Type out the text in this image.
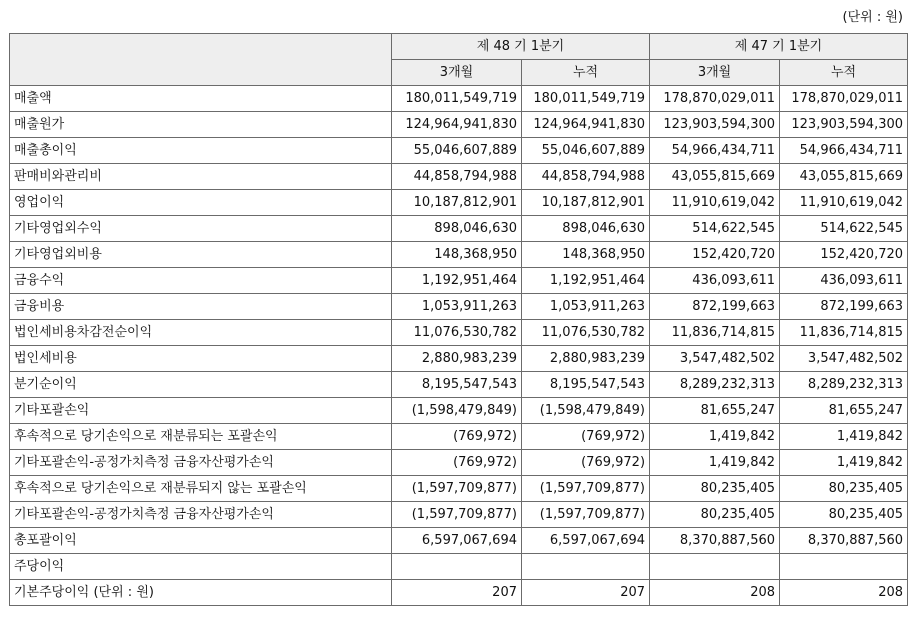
(단위 : 원)
	제 48 기 1분기		제 47 기 1분기	
	3개월	누적	3개월	누적
매출액	180,011,549,719	180,011,549,719	178,870,029,011	178,870,029,011
매출원가	124,964,941,830	124,964,941,830	123,903,594,300	123,903,594,300
매출총이익	55,046,607,889	55,046,607,889	54,966,434,711	54,966,434,711
판매비와관리비	44,858,794,988	44,858,794,988	43,055,815,669	43,055,815,669
영업이익	10,187,812,901	10,187,812,901	11,910,619,042	11,910,619,042
기타영업외수익	898,046,630	898,046,630	514,622,545	514,622,545
기타영업외비용	148,368,950	148,368,950	152,420,720	152,420,720
금융수익	1,192,951,464	1,192,951,464	436,093,611	436,093,611
금융비용	1,053,911,263	1,053,911,263	872,199,663	872,199,663
법인세비용차감전순이익	11,076,530,782	11,076,530,782	11,836,714,815	11,836,714,815
법인세비용	2,880,983,239	2,880,983,239	3,547,482,502	3,547,482,502
분기순이익	8,195,547,543	8,195,547,543	8,289,232,313	8,289,232,313
기타포괄손익	(1,598,479,849)	(1,598,479,849)	81,655,247	81,655,247
후속적으로 당기손익으로 재분류되는 포괄손익	(769,972)	(769,972)	1,419,842	1,419,842
기타포괄손익-공정가치측정 금융자산평가손익	(769,972)	(769,972)	1,419,842	1,419,842
후속적으로 당기손익으로 재분류되지 않는 포괄손익	(1,597,709,877)	(1,597,709,877)	80,235,405	80,235,405
기타포괄손익-공정가치측정 금융자산평가손익	(1,597,709,877)	(1,597,709,877)	80,235,405	80,235,405
총포괄이익	6,597,067,694	6,597,067,694	8,370,887,560	8,370,887,560
주당이익				
기본주당이익 (단위 : 원)	207	207	208	208
